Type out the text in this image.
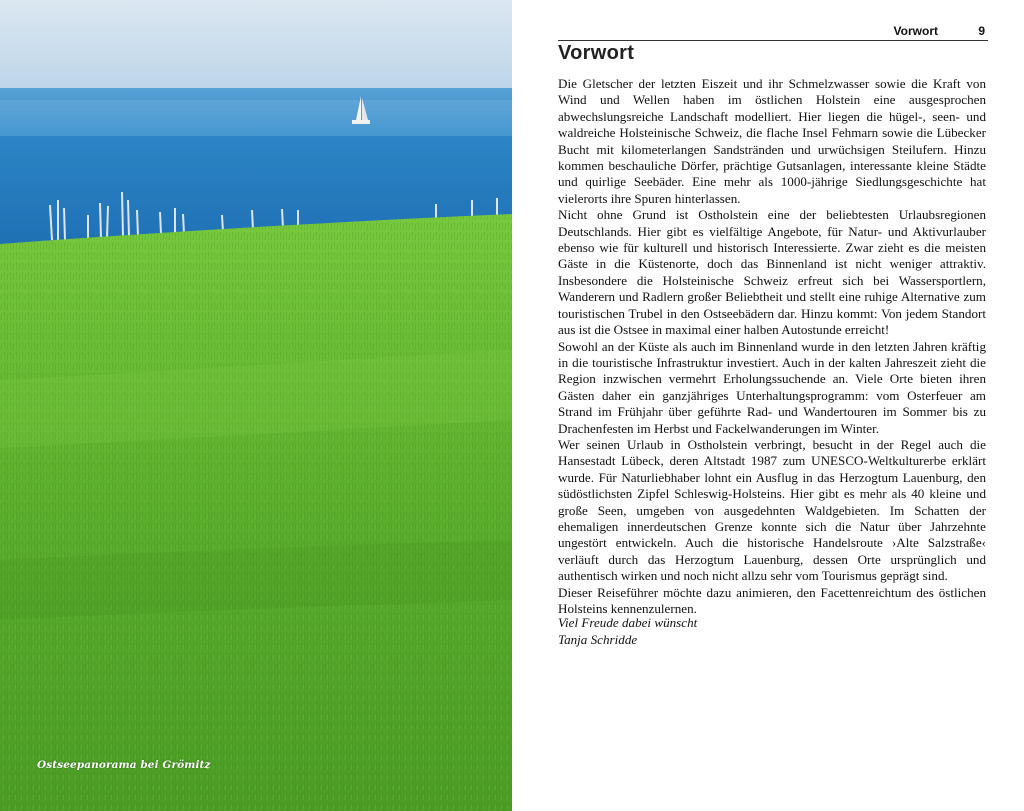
Ostseepanorama bei Grömitz
Vorwort	9
Vorwort

Die Gletscher der letzten Eiszeit und ihr Schmelzwasser sowie die Kraft von Wind und Wellen haben im östlichen Holstein eine ausgesprochen abwechslungsreiche Landschaft modelliert. Hier liegen die hügel-, seen- und waldreiche Holsteinische Schweiz, die flache Insel Fehmarn sowie die Lübecker Bucht mit kilometerlangen Sandstränden und urwüchsigen Steilufern. Hinzu kommen beschauliche Dörfer, prächtige Gutsanlagen, interessante kleine Städte und quirlige Seebäder. Eine mehr als 1000-jährige Siedlungsgeschichte hat vielerorts ihre Spuren hinterlassen.

Nicht ohne Grund ist Ostholstein eine der beliebtesten Urlaubsregionen Deutschlands. Hier gibt es vielfältige Angebote, für Natur- und Aktivurlauber ebenso wie für kulturell und historisch Interessierte. Zwar zieht es die meisten Gäste in die Küstenorte, doch das Binnenland ist nicht weniger attraktiv. Insbesondere die Holsteinische Schweiz erfreut sich bei Wassersportlern, Wanderern und Radlern großer Beliebtheit und stellt eine ruhige Alternative zum touristischen Trubel in den Ostseebädern dar. Hinzu kommt: Von jedem Standort aus ist die Ostsee in maximal einer halben Autostunde erreicht!

Sowohl an der Küste als auch im Binnenland wurde in den letzten Jahren kräftig in die touristische Infrastruktur investiert. Auch in der kalten Jahreszeit zieht die Region inzwischen vermehrt Erholungssuchende an. Viele Orte bieten ihren Gästen daher ein ganzjähriges Unterhaltungsprogramm: vom Osterfeuer am Strand im Frühjahr über geführte Rad- und Wandertouren im Sommer bis zu Drachenfesten im Herbst und Fackelwanderungen im Winter.

Wer seinen Urlaub in Ostholstein verbringt, besucht in der Regel auch die Hansestadt Lübeck, deren Altstadt 1987 zum UNESCO-Weltkulturerbe erklärt wurde. Für Naturliebhaber lohnt ein Ausflug in das Herzogtum Lauenburg, den südöstlichsten Zipfel Schleswig-Holsteins. Hier gibt es mehr als 40 kleine und große Seen, umgeben von ausgedehnten Waldgebieten. Im Schatten der ehemaligen innerdeutschen Grenze konnte sich die Natur über Jahrzehnte ungestört entwickeln. Auch die historische Handelsroute ›Alte Salzstraße‹ verläuft durch das Herzogtum Lauenburg, dessen Orte ursprünglich und authentisch wirken und noch nicht allzu sehr vom Tourismus geprägt sind.

Dieser Reiseführer möchte dazu animieren, den Facettenreichtum des östlichen Holsteins kennenzulernen.

Viel Freude dabei wünscht
Tanja Schridde
